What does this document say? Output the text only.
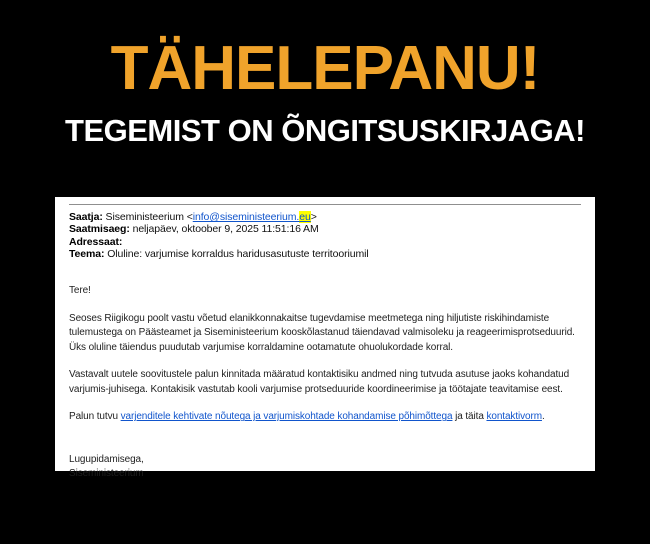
TÄHELEPANU!
TEGEMIST ON ÕNGITSUSKIRJAGA!
Saatja: Siseministeerium <info@siseministeerium.eu>
Saatmisaeg: neljapäev, oktoober 9, 2025 11:51:16 AM
Adressaat:
Teema: Oluline: varjumise korraldus haridusasutuste territooriumil

Tere!

Seoses Riigikogu poolt vastu võetud elanikkonnakaitse tugevdamise meetmetega ning hiljutiste riskihindamiste tulemustega on Päästeamet ja Siseministeerium kooskõlastanud täiendavad valmisoleku ja reageerimisprotseduurid. Üks oluline täiendus puudutab varjumise korraldamine ootamatute ohuolukordade korral.

Vastavalt uutele soovitustele palun kinnitada määratud kontaktisiku andmed ning tutvuda asutuse jaoks kohandatud varjumis-juhisega. Kontakisik vastutab kooli varjumise protseduuride koordineerimise ja töötajate teavitamise eest.

Palun tutvu varjenditele kehtivate nõutega ja varjumiskohtade kohandamise põhimõttega ja täita kontaktivorm.

Lugupidamisega,
Siseministeerium
